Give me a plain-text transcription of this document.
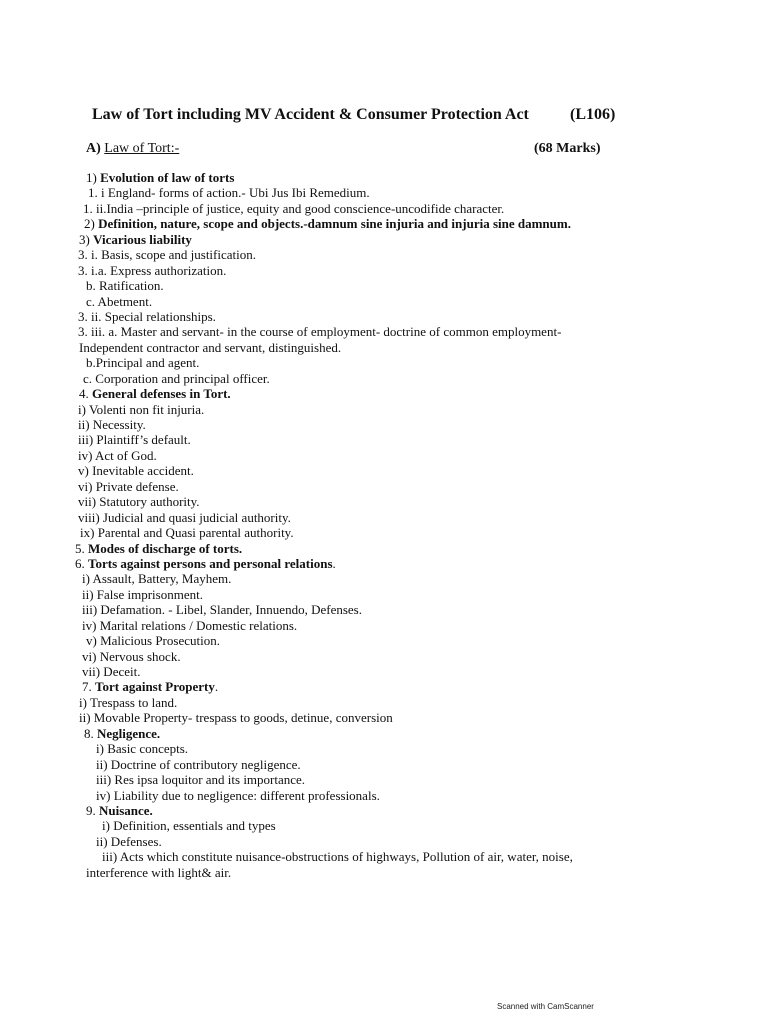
Law of Tort including MV Accident & Consumer Protection Act	(L106)
A) Law of Tort:-	(68 Marks)
1) Evolution of law of torts
1. i England- forms of action.- Ubi Jus Ibi Remedium.
1. ii.India –principle of justice, equity and good conscience-uncodifide character.
2) Definition, nature, scope and objects.-damnum sine injuria and injuria sine damnum.
3) Vicarious liability
3. i. Basis, scope and justification.
3. i.a. Express authorization.
b. Ratification.
c. Abetment.
3. ii. Special relationships.
3. iii. a. Master and servant- in the course of employment- doctrine of common employment-
Independent contractor and servant, distinguished.
b.Principal and agent.
c. Corporation and principal officer.
4. General defenses in Tort.
i) Volenti non fit injuria.
ii) Necessity.
iii) Plaintiff’s default.
iv) Act of God.
v) Inevitable accident.
vi) Private defense.
vii) Statutory authority.
viii) Judicial and quasi judicial authority.
ix) Parental and Quasi parental authority.
5. Modes of discharge of torts.
6. Torts against persons and personal relations.
i) Assault, Battery, Mayhem.
ii) False imprisonment.
iii) Defamation. - Libel, Slander, Innuendo, Defenses.
iv) Marital relations / Domestic relations.
v) Malicious Prosecution.
vi) Nervous shock.
vii) Deceit.
7. Tort against Property.
i) Trespass to land.
ii) Movable Property- trespass to goods, detinue, conversion
8. Negligence.
i) Basic concepts.
ii) Doctrine of contributory negligence.
iii) Res ipsa loquitor and its importance.
iv) Liability due to negligence: different professionals.
9. Nuisance.
i) Definition, essentials and types
ii) Defenses.
iii) Acts which constitute nuisance-obstructions of highways, Pollution of air, water, noise,
interference with light& air.
Scanned with CamScanner
